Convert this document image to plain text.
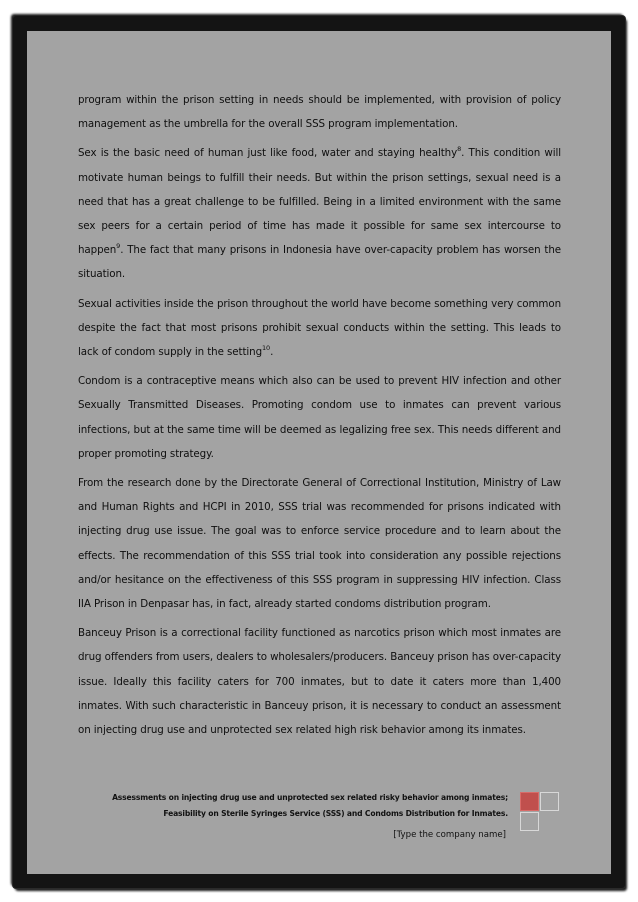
program within the prison setting in needs should be implemented, with provision of policy management as the umbrella for the overall SSS program implementation.

Sex is the basic need of human just like food, water and staying healthy$^8$. This condition will motivate human beings to fulfill their needs. But within the prison settings, sexual need is a need that has a great challenge to be fulfilled. Being in a limited environment with the same sex peers for a certain period of time has made it possible for same sex intercourse to happen$^9$. The fact that many prisons in Indonesia have over-capacity problem has worsen the situation.

Sexual activities inside the prison throughout the world have become something very common despite the fact that most prisons prohibit sexual conducts within the setting. This leads to lack of condom supply in the setting$^{10}$.

Condom is a contraceptive means which also can be used to prevent HIV infection and other Sexually Transmitted Diseases. Promoting condom use to inmates can prevent various infections, but at the same time will be deemed as legalizing free sex. This needs different and proper promoting strategy.

From the research done by the Directorate General of Correctional Institution, Ministry of Law and Human Rights and HCPI in 2010, SSS trial was recommended for prisons indicated with injecting drug use issue. The goal was to enforce service procedure and to learn about the effects. The recommendation of this SSS trial took into consideration any possible rejections and/or hesitance on the effectiveness of this SSS program in suppressing HIV infection. Class IIA Prison in Denpasar has, in fact, already started condoms distribution program.

Banceuy Prison is a correctional facility functioned as narcotics prison which most inmates are drug offenders from users, dealers to wholesalers/producers. Banceuy prison has over-capacity issue. Ideally this facility caters for 700 inmates, but to date it caters more than 1,400 inmates. With such characteristic in Banceuy prison, it is necessary to conduct an assessment on injecting drug use and unprotected sex related high risk behavior among its inmates.

Assessments on injecting drug use and unprotected sex related risky behavior among inmates;
Feasibility on Sterile Syringes Service (SSS) and Condoms Distribution for Inmates.
[Type the company name]
